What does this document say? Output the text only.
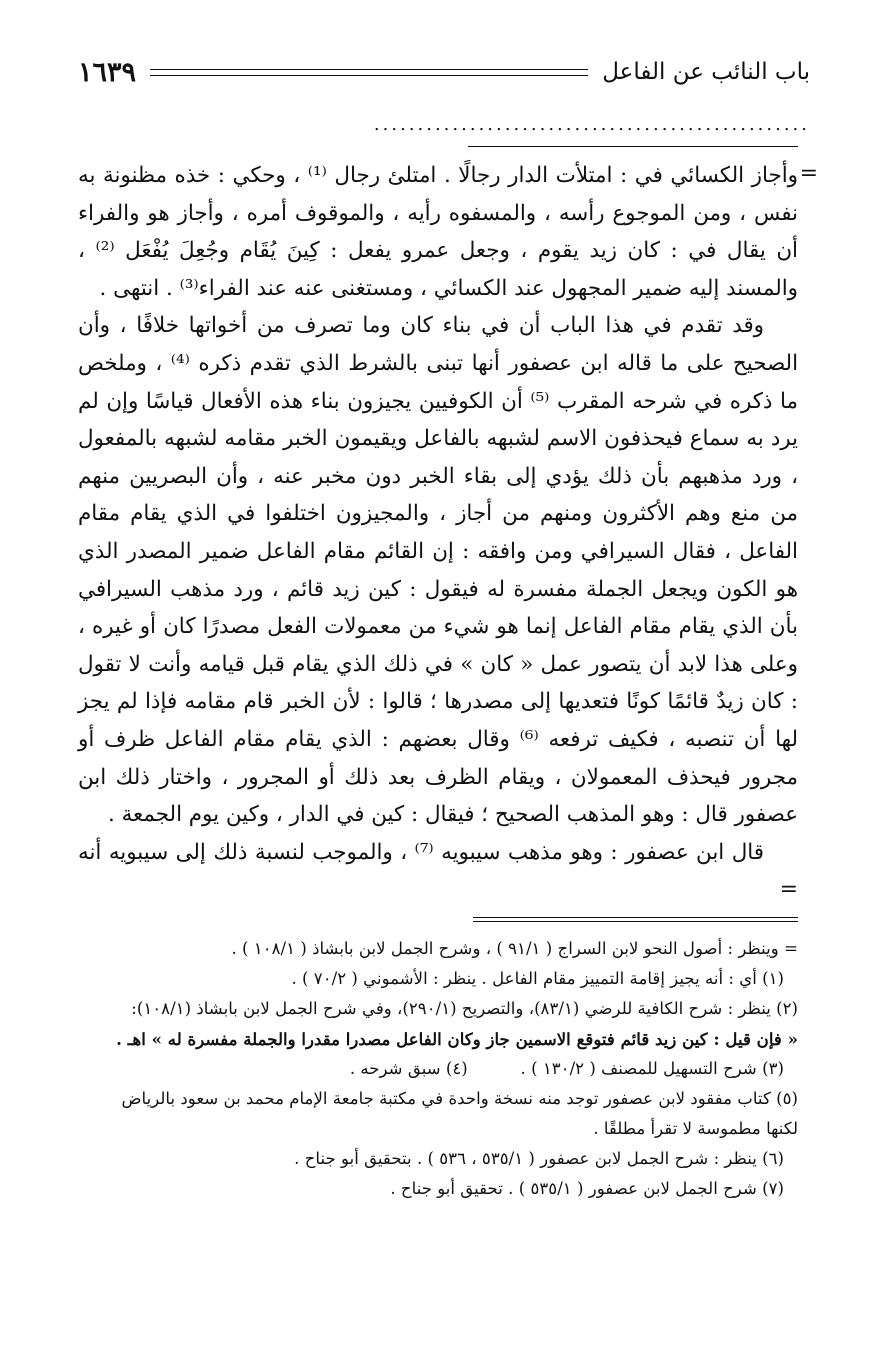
باب النائب عن الفاعل
١٦٣٩
..................................................
=

وأجاز الكسائي في : امتلأت الدار رجالًا . امتلئ رجال ⁽¹⁾ ، وحكي : خذه مظنونة به نفس ، ومن الموجوع رأسه ، والمسفوه رأيه ، والموقوف أمره ، وأجاز هو والفراء أن يقال في : كان زيد يقوم ، وجعل عمرو يفعل : كِينَ يُقَام وجُعِلَ يُفْعَل ⁽²⁾ ، والمسند إليه ضمير المجهول عند الكسائي ، ومستغنى عنه عند الفراء⁽³⁾ . انتهى .

وقد تقدم في هذا الباب أن في بناء كان وما تصرف من أخواتها خلافًا ، وأن الصحيح على ما قاله ابن عصفور أنها تبنى بالشرط الذي تقدم ذكره ⁽⁴⁾ ، وملخص ما ذكره في شرحه المقرب ⁽⁵⁾ أن الكوفيين يجيزون بناء هذه الأفعال قياسًا وإن لم يرد به سماع فيحذفون الاسم لشبهه بالفاعل ويقيمون الخبر مقامه لشبهه بالمفعول ، ورد مذهبهم بأن ذلك يؤدي إلى بقاء الخبر دون مخبر عنه ، وأن البصريين منهم من منع وهم الأكثرون ومنهم من أجاز ، والمجيزون اختلفوا في الذي يقام مقام الفاعل ، فقال السيرافي ومن وافقه : إن القائم مقام الفاعل ضمير المصدر الذي هو الكون ويجعل الجملة مفسرة له فيقول : كين زيد قائم ، ورد مذهب السيرافي بأن الذي يقام مقام الفاعل إنما هو شيء من معمولات الفعل مصدرًا كان أو غيره ، وعلى هذا لابد أن يتصور عمل « كان » في ذلك الذي يقام قبل قيامه وأنت لا تقول : كان زيدٌ قائمًا كونًا فتعديها إلى مصدرها ؛ قالوا : لأن الخبر قام مقامه فإذا لم يجز لها أن تنصبه ، فكيف ترفعه ⁽⁶⁾ وقال بعضهم : الذي يقام مقام الفاعل ظرف أو مجرور فيحذف المعمولان ، ويقام الظرف بعد ذلك أو المجرور ، واختار ذلك ابن عصفور قال : وهو المذهب الصحيح ؛ فيقال : كين في الدار ، وكين يوم الجمعة .

قال ابن عصفور : وهو مذهب سيبويه ⁽⁷⁾ ، والموجب لنسبة ذلك إلى سيبويه أنه =

= وينظر : أصول النحو لابن السراج ( ٩١/١ ) ، وشرح الجمل لابن بابشاذ ( ١٠٨/١ ) .

(١) أي : أنه يجيز إقامة التمييز مقام الفاعل . ينظر : الأشموني ( ٧٠/٢ ) .

(٢) ينظر : شرح الكافية للرضي (٨٣/١)، والتصريح (٢٩٠/١)، وفي شرح الجمل لابن بابشاذ (١٠٨/١):

« فإن قيل : كين زيد قائم فتوقع الاسمين جاز وكان الفاعل مصدرا مقدرا والجملة مفسرة له » اهـ .

(٣) شرح التسهيل للمصنف ( ١٣٠/٢ ) .          (٤) سبق شرحه .

(٥) كتاب مفقود لابن عصفور توجد منه نسخة واحدة في مكتبة جامعة الإمام محمد بن سعود بالرياض

لكنها مطموسة لا تقرأ مطلقًا .

(٦) ينظر : شرح الجمل لابن عصفور ( ٥٣٥/١ ، ٥٣٦ ) . بتحقيق أبو جناح .

(٧) شرح الجمل لابن عصفور ( ٥٣٥/١ ) . تحقيق أبو جناح .
